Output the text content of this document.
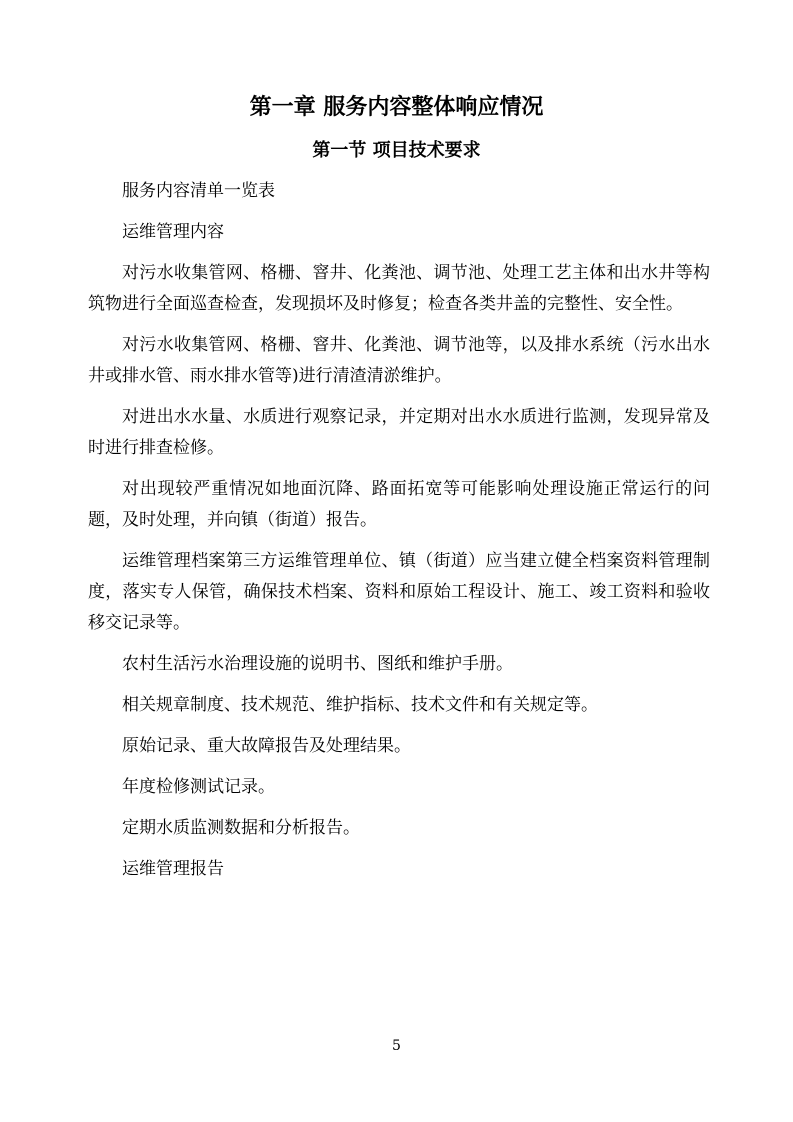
第一章 服务内容整体响应情况
第一节 项目技术要求

服务内容清单一览表

运维管理内容

对污水收集管网、格栅、窨井、化粪池、调节池、处理工艺主体和出水井等构筑物进行全面巡查检查，发现损坏及时修复；检查各类井盖的完整性、安全性。

对污水收集管网、格栅、窨井、化粪池、调节池等，以及排水系统（污水出水井或排水管、雨水排水管等)进行清渣清淤维护。

对进出水水量、水质进行观察记录，并定期对出水水质进行监测，发现异常及时进行排查检修。

对出现较严重情况如地面沉降、路面拓宽等可能影响处理设施正常运行的问题，及时处理，并向镇（街道）报告。

运维管理档案第三方运维管理单位、镇（街道）应当建立健全档案资料管理制度，落实专人保管，确保技术档案、资料和原始工程设计、施工、竣工资料和验收移交记录等。

农村生活污水治理设施的说明书、图纸和维护手册。

相关规章制度、技术规范、维护指标、技术文件和有关规定等。

原始记录、重大故障报告及处理结果。

年度检修测试记录。

定期水质监测数据和分析报告。

运维管理报告

5
